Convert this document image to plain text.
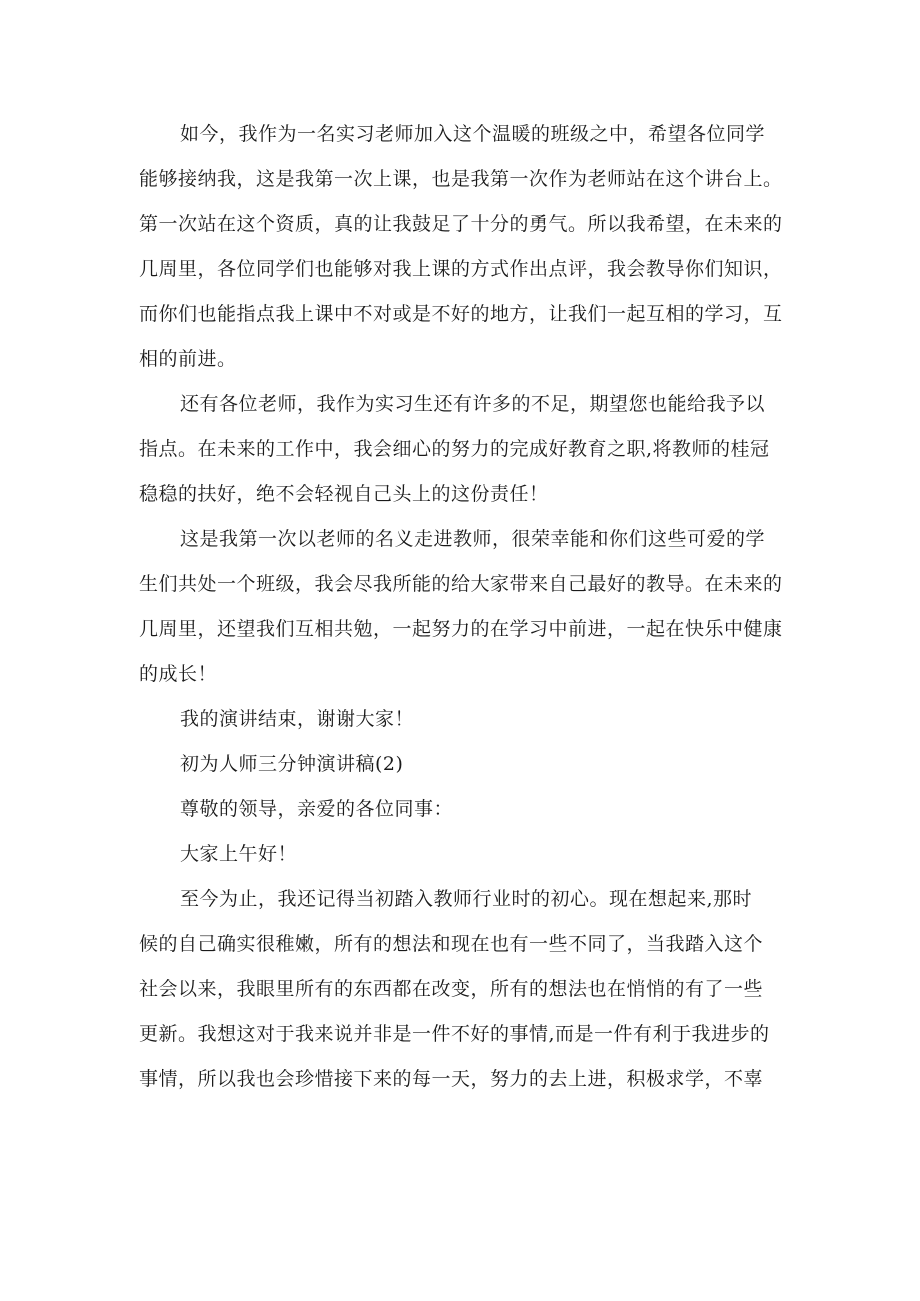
如今，我作为一名实习老师加入这个温暖的班级之中，希望各位同学
能够接纳我，这是我第一次上课，也是我第一次作为老师站在这个讲台上。
第一次站在这个资质，真的让我鼓足了十分的勇气。所以我希望，在未来的
几周里，各位同学们也能够对我上课的方式作出点评，我会教导你们知识，
而你们也能指点我上课中不对或是不好的地方，让我们一起互相的学习，互
相的前进。
还有各位老师，我作为实习生还有许多的不足，期望您也能给我予以
指点。在未来的工作中，我会细心的努力的完成好教育之职,将教师的桂冠
稳稳的扶好，绝不会轻视自己头上的这份责任！
这是我第一次以老师的名义走进教师，很荣幸能和你们这些可爱的学
生们共处一个班级，我会尽我所能的给大家带来自己最好的教导。在未来的
几周里，还望我们互相共勉，一起努力的在学习中前进，一起在快乐中健康
的成长！
我的演讲结束，谢谢大家！
初为人师三分钟演讲稿(2)
尊敬的领导，亲爱的各位同事：
大家上午好！
至今为止，我还记得当初踏入教师行业时的初心。现在想起来,那时
候的自己确实很稚嫩，所有的想法和现在也有一些不同了，当我踏入这个
社会以来，我眼里所有的东西都在改变，所有的想法也在悄悄的有了一些
更新。我想这对于我来说并非是一件不好的事情,而是一件有利于我进步的
事情，所以我也会珍惜接下来的每一天，努力的去上进，积极求学，不辜
